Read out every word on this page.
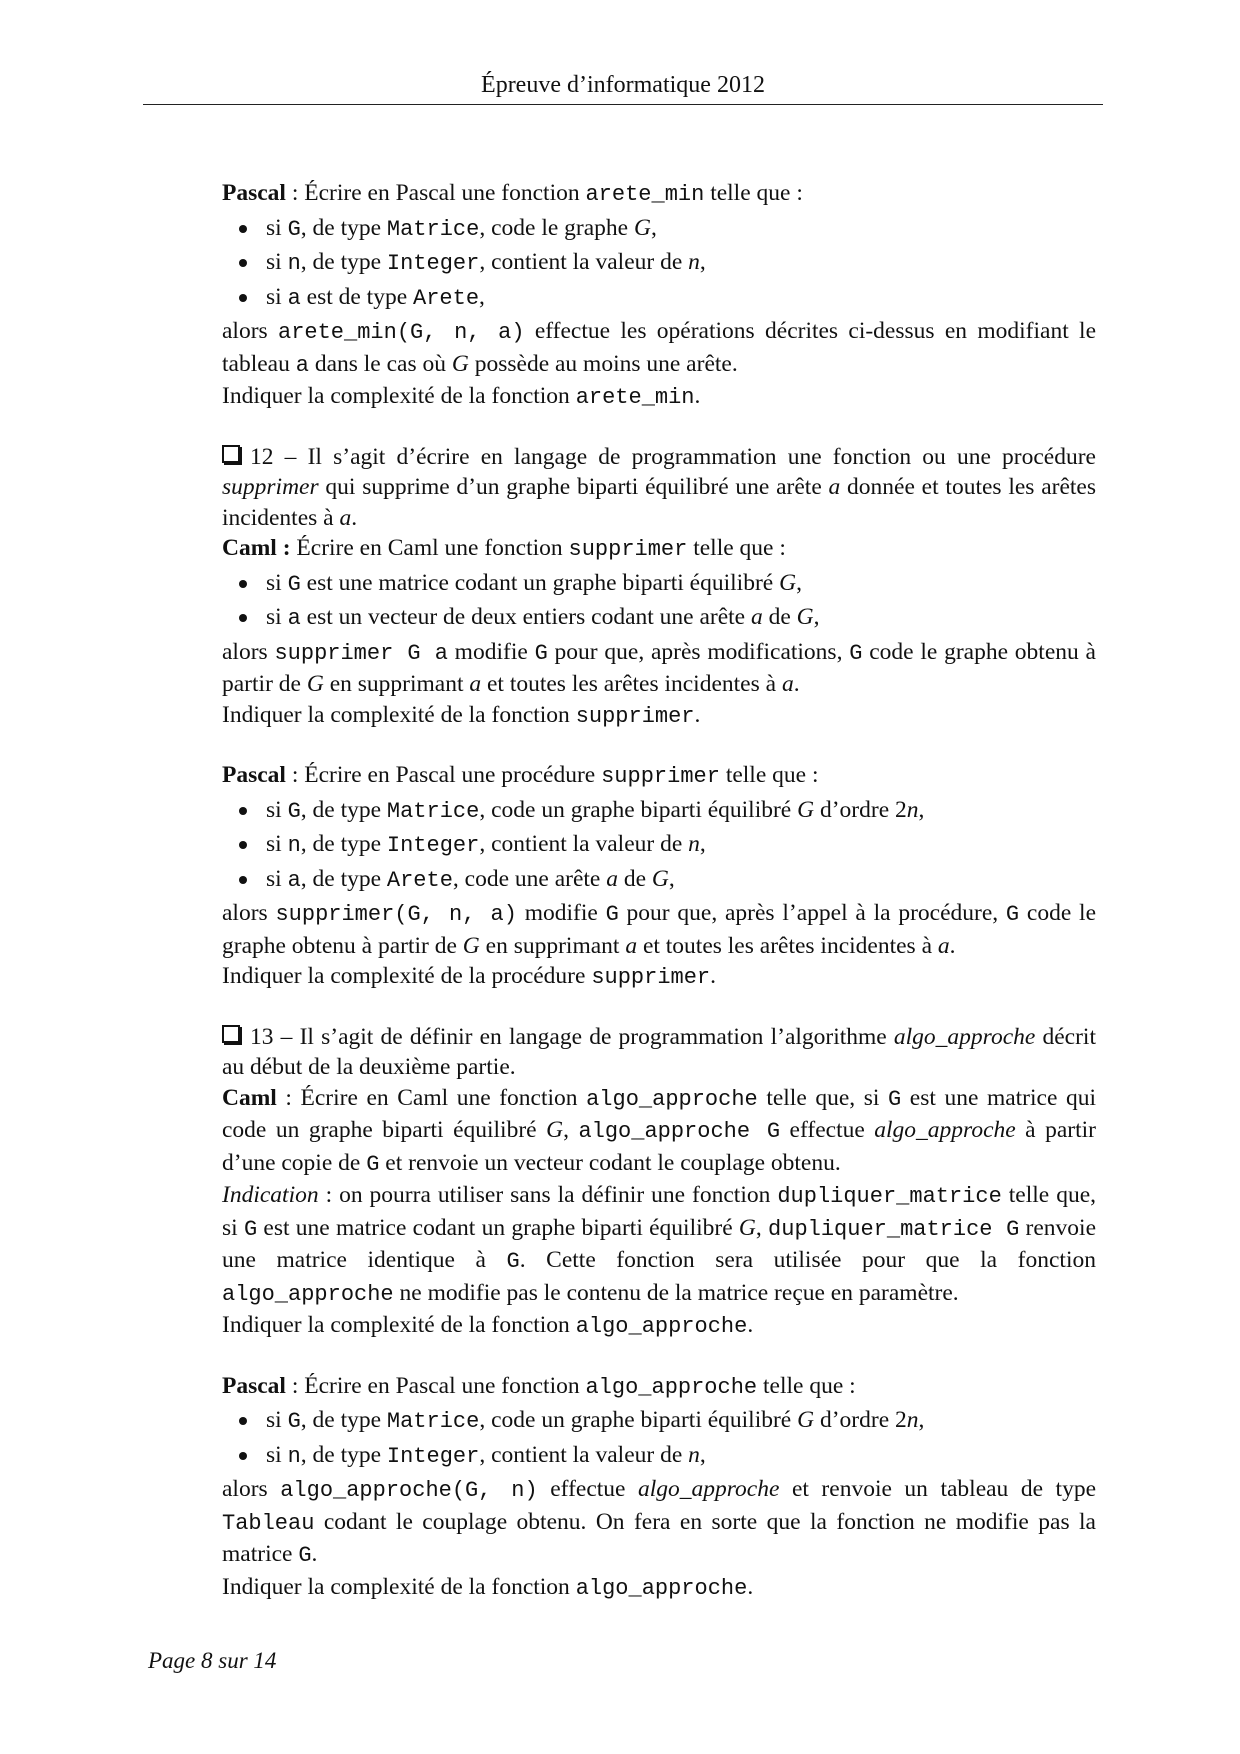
Épreuve d’informatique 2012

Pascal : Écrire en Pascal une fonction arete_min telle que :

si G, de type Matrice, code le graphe G,
si n, de type Integer, contient la valeur de n,
si a est de type Arete,

alors arete_min(G, n, a) effectue les opérations décrites ci-dessus en modifiant le tableau a dans le cas où G possède au moins une arête.

Indiquer la complexité de la fonction arete_min.

12 – Il s’agit d’écrire en langage de programmation une fonction ou une procédure supprimer qui supprime d’un graphe biparti équilibré une arête a donnée et toutes les arêtes incidentes à a.

Caml : Écrire en Caml une fonction supprimer telle que :

si G est une matrice codant un graphe biparti équilibré G,
si a est un vecteur de deux entiers codant une arête a de G,

alors supprimer G a modifie G pour que, après modifications, G code le graphe obtenu à partir de G en supprimant a et toutes les arêtes incidentes à a.

Indiquer la complexité de la fonction supprimer.

Pascal : Écrire en Pascal une procédure supprimer telle que :

si G, de type Matrice, code un graphe biparti équilibré G d’ordre 2n,
si n, de type Integer, contient la valeur de n,
si a, de type Arete, code une arête a de G,

alors supprimer(G, n, a) modifie G pour que, après l’appel à la procédure, G code le graphe obtenu à partir de G en supprimant a et toutes les arêtes incidentes à a.

Indiquer la complexité de la procédure supprimer.

13 – Il s’agit de définir en langage de programmation l’algorithme algo_approche décrit au début de la deuxième partie.

Caml : Écrire en Caml une fonction algo_approche telle que, si G est une matrice qui code un graphe biparti équilibré G, algo_approche G effectue algo_approche à partir d’une copie de G et renvoie un vecteur codant le couplage obtenu.

Indication : on pourra utiliser sans la définir une fonction dupliquer_matrice telle que, si G est une matrice codant un graphe biparti équilibré G, dupliquer_matrice G renvoie une matrice identique à G. Cette fonction sera utilisée pour que la fonction algo_approche ne modifie pas le contenu de la matrice reçue en paramètre.

Indiquer la complexité de la fonction algo_approche.

Pascal : Écrire en Pascal une fonction algo_approche telle que :

si G, de type Matrice, code un graphe biparti équilibré G d’ordre 2n,
si n, de type Integer, contient la valeur de n,

alors algo_approche(G, n) effectue algo_approche et renvoie un tableau de type Tableau codant le couplage obtenu. On fera en sorte que la fonction ne modifie pas la matrice G.

Indiquer la complexité de la fonction algo_approche.

Page 8 sur 14
